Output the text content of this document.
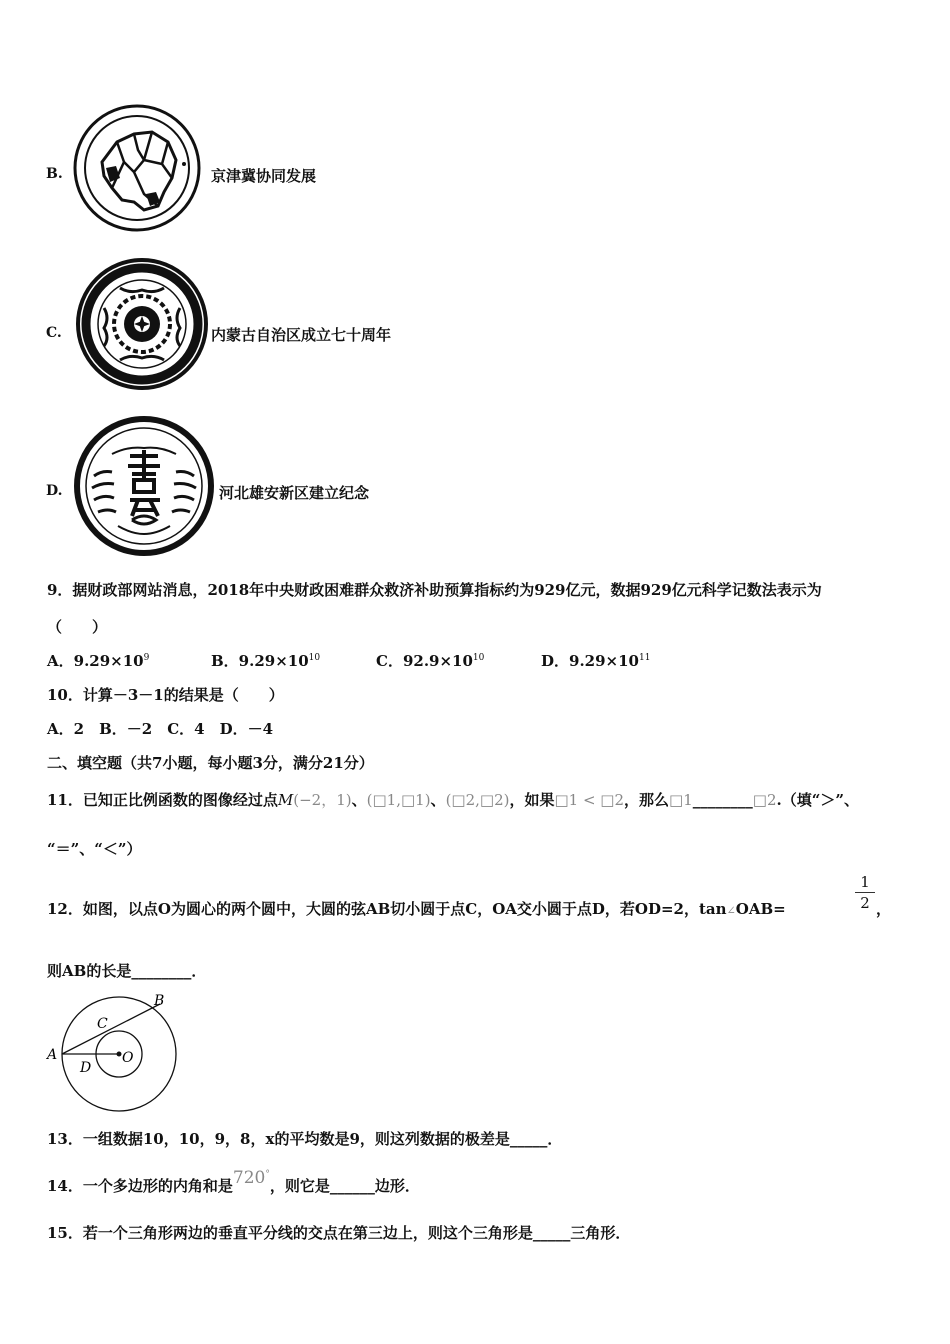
B.	京津冀协同发展
C.	内蒙古自治区成立七十周年
D.	河北雄安新区建立纪念
9．据财政部网站消息，2018年中央财政困难群众救济补助预算指标约为929亿元，数据929亿元科学记数法表示为
（　　）
A．$9.29\times 10^9$	B．$9.29\times 10^{10}$	C．$92.9\times 10^{10}$	D．$9.29\times 10^{11}$
10．计算－3－1的结果是（　　）
A．2　B．－2　C．4　D．－4
二、填空题（共7小题，每小题3分，满分21分）
11．已知正比例函数的图像经过点M(−2，1)、(□1,□1)、(□2,□2)，如果□1 < □2，那么□1________□2.（填“＞”、
“＝”、“＜”）
12．如图，以点O为圆心的两个圆中，大圆的弦AB切小圆于点C，OA交小圆于点D，若OD=2，tan∠OAB=	$\frac{1}{2}$ ，
则AB的长是________．
A
B
C
D
O
13．一组数据10，10，9，8，x的平均数是9，则这列数据的极差是_____．
14．一个多边形的内角和是720°，则它是______边形．
15．若一个三角形两边的垂直平分线的交点在第三边上，则这个三角形是_____三角形．
